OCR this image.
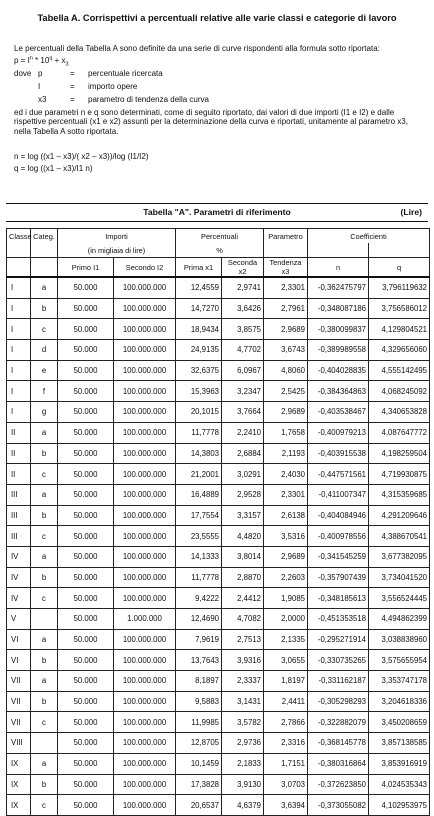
Tabella A. Corrispettivi a percentuali relative alle varie classi e categorie di lavoro
Le percentuali della Tabella A sono definite da una serie di curve rispondenti alla formula sotto riportata:
$p = I^n * 10^q + x_3$
dove p	= percentuale ricercata
I	= importo opere
x3	= parametro di tendenza della curva
ed i due parametri n e q sono determinati, come di seguito riportato, dai valori di due importi (I1 e I2) e dalle rispettive percentuali (x1 e x2) assunti per la determinazione della curva e riportati, unitamente al parametro x3, nella Tabella A sotto riportata.
n = log ((x1 – x3)/( x2 – x3))/log (I1/I2)
q = log ((x1 – x3)/I1 n)
Tabella "A". Parametri di riferimento	(Lire)
Classe	Categ.	Importi		Percentuali		Parametro	Coefficienti	
		(in migliaia di lire)		%				
		Primo I1	Secondo I2	Prima x1	Seconda x2	Tendenza x3	n	q
I	a	50.000	100.000.000	12,4559	2,9741	2,3301	-0,362475797	3,796119632
I	b	50.000	100.000.000	14,7270	3,6426	2,7961	-0,348087186	3,756586012
I	c	50.000	100.000.000	18,9434	3,8575	2,9689	-0,380099837	4,129804521
I	d	50.000	100.000.000	24,9135	4,7702	3,6743	-0,389989558	4,329656060
I	e	50.000	100.000.000	32,6375	6,0967	4,8060	-0,404028835	4,555142495
I	f	50.000	100.000.000	15,3963	3,2347	2,5425	-0,384364863	4,068245092
I	g	50.000	100.000.000	20,1015	3,7664	2,9689	-0,403538467	4,340653828
II	a	50.000	100.000.000	11,7778	2,2410	1,7658	-0,400979213	4,087647772
II	b	50.000	100.000.000	14,3803	2,6884	2,1193	-0,403915538	4,198259504
II	c	50.000	100.000.000	21,2001	3,0291	2,4030	-0,447571561	4,719930875
III	a	50.000	100.000.000	16,4889	2,9528	2,3301	-0,411007347	4,315359685
III	b	50.000	100.000.000	17,7554	3,3157	2,6138	-0,404084946	4,291209646
III	c	50.000	100.000.000	23,5555	4,4820	3,5316	-0,400978556	4,388670541
IV	a	50.000	100.000.000	14,1333	3,8014	2,9689	-0,341545259	3,677382095
IV	b	50.000	100.000.000	11,7778	2,8870	2,2603	-0,357907439	3,734041520
IV	c	50.000	100.000.000	9,4222	2,4412	1,9085	-0,348185613	3,556524445
V		50.000	1.000.000	12,4690	4,7082	2,0000	-0,451353518	4,494862399
VI	a	50.000	100.000.000	7,9619	2,7513	2,1335	-0,295271914	3,038838960
VI	b	50.000	100.000.000	13,7643	3,9316	3,0655	-0,330735265	3,575655954
VII	a	50.000	100.000.000	8,1897	2,3337	1,8197	-0,331162187	3,353747178
VII	b	50.000	100.000.000	9,5883	3,1431	2,4411	-0,305298293	3,204618336
VII	c	50.000	100.000.000	11,9985	3,5782	2,7866	-0,322882079	3,450208659
VIII		50.000	100.000.000	12,8705	2,9736	2,3316	-0,368145778	3,857138585
IX	a	50.000	100.000.000	10,1459	2,1833	1,7151	-0,380316864	3,853916919
IX	b	50.000	100.000.000	17,3828	3,9130	3,0703	-0,372623850	4,024535343
IX	c	50.000	100.000.000	20,6537	4,6379	3,6394	-0,373055082	4,102953975
